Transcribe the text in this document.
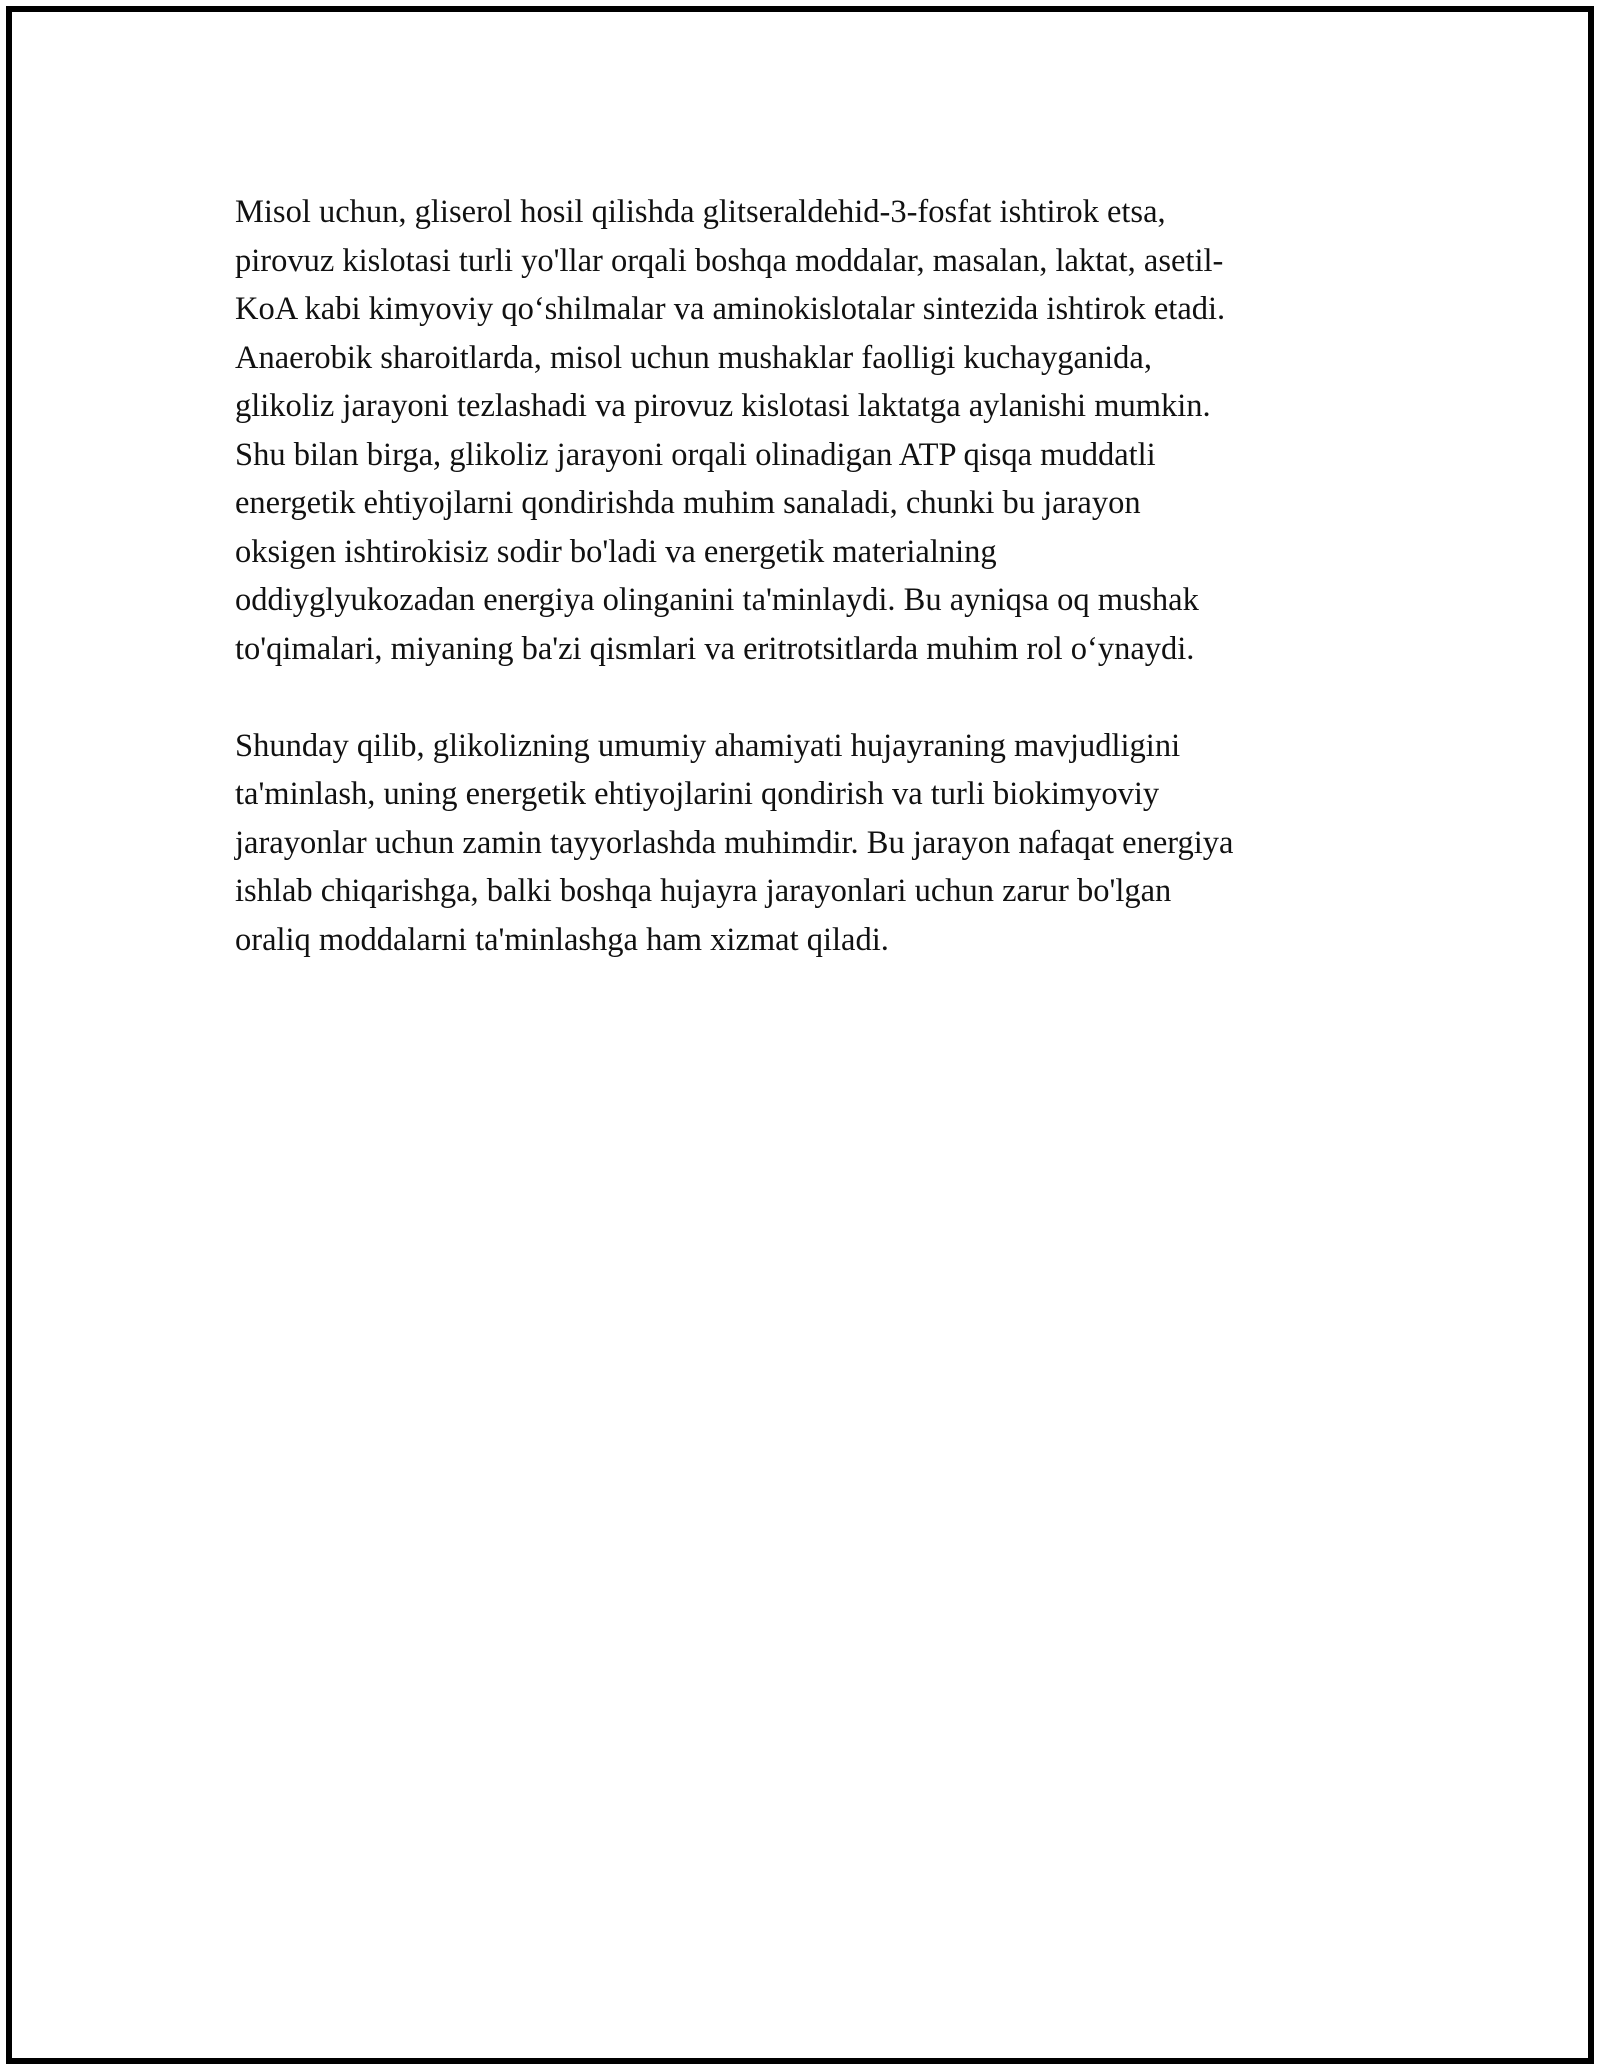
Misol uchun, gliserol hosil qilishda glitseraldehid-3-fosfat ishtirok etsa,
pirovuz kislotasi turli yo'llar orqali boshqa moddalar, masalan, laktat, asetil-
KoA kabi kimyoviy qo‘shilmalar va aminokislotalar sintezida ishtirok etadi.
Anaerobik sharoitlarda, misol uchun mushaklar faolligi kuchayganida,
glikoliz jarayoni tezlashadi va pirovuz kislotasi laktatga aylanishi mumkin.
Shu bilan birga, glikoliz jarayoni orqali olinadigan ATP qisqa muddatli
energetik ehtiyojlarni qondirishda muhim sanaladi, chunki bu jarayon
oksigen ishtirokisiz sodir bo'ladi va energetik materialning
oddiyglyukozadan energiya olinganini ta'minlaydi. Bu ayniqsa oq mushak
to'qimalari, miyaning ba'zi qismlari va eritrotsitlarda muhim rol o‘ynaydi.

Shunday qilib, glikolizning umumiy ahamiyati hujayraning mavjudligini
ta'minlash, uning energetik ehtiyojlarini qondirish va turli biokimyoviy
jarayonlar uchun zamin tayyorlashda muhimdir. Bu jarayon nafaqat energiya
ishlab chiqarishga, balki boshqa hujayra jarayonlari uchun zarur bo'lgan
oraliq moddalarni ta'minlashga ham xizmat qiladi.
